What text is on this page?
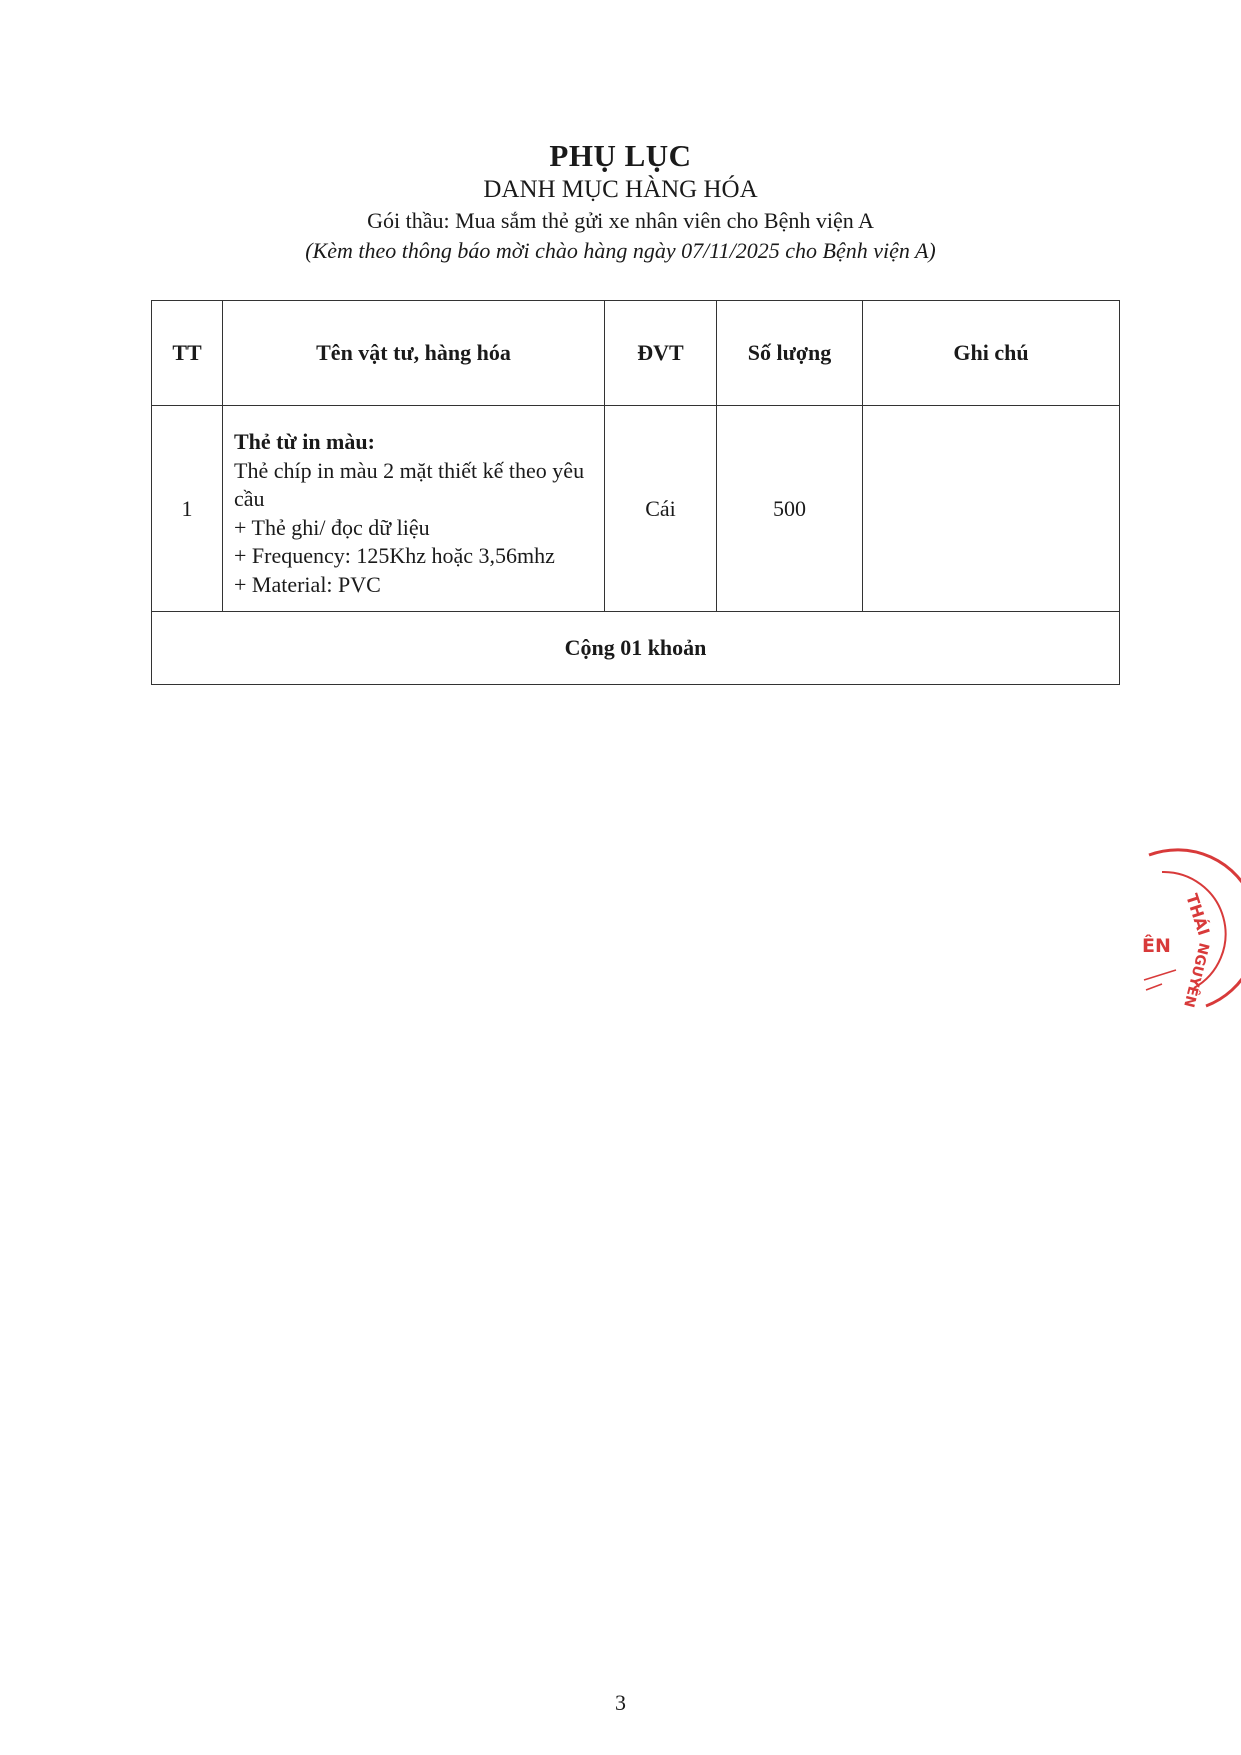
PHỤ LỤC
DANH MỤC HÀNG HÓA
Gói thầu: Mua sắm thẻ gửi xe nhân viên cho Bệnh viện A
(Kèm theo thông báo mời chào hàng ngày 07/11/2025 cho Bệnh viện A)
TT	Tên vật tư, hàng hóa	ĐVT	Số lượng	Ghi chú
1	Thẻ từ in màu:
Thẻ chíp in màu 2 mặt thiết kế theo yêu cầu
+ Thẻ ghi/ đọc dữ liệu
+ Frequency: 125Khz hoặc 3,56mhz
+ Material: PVC	Cái	500	
Cộng 01 khoản				
THÁI
ÊN NGUYÊN
3
